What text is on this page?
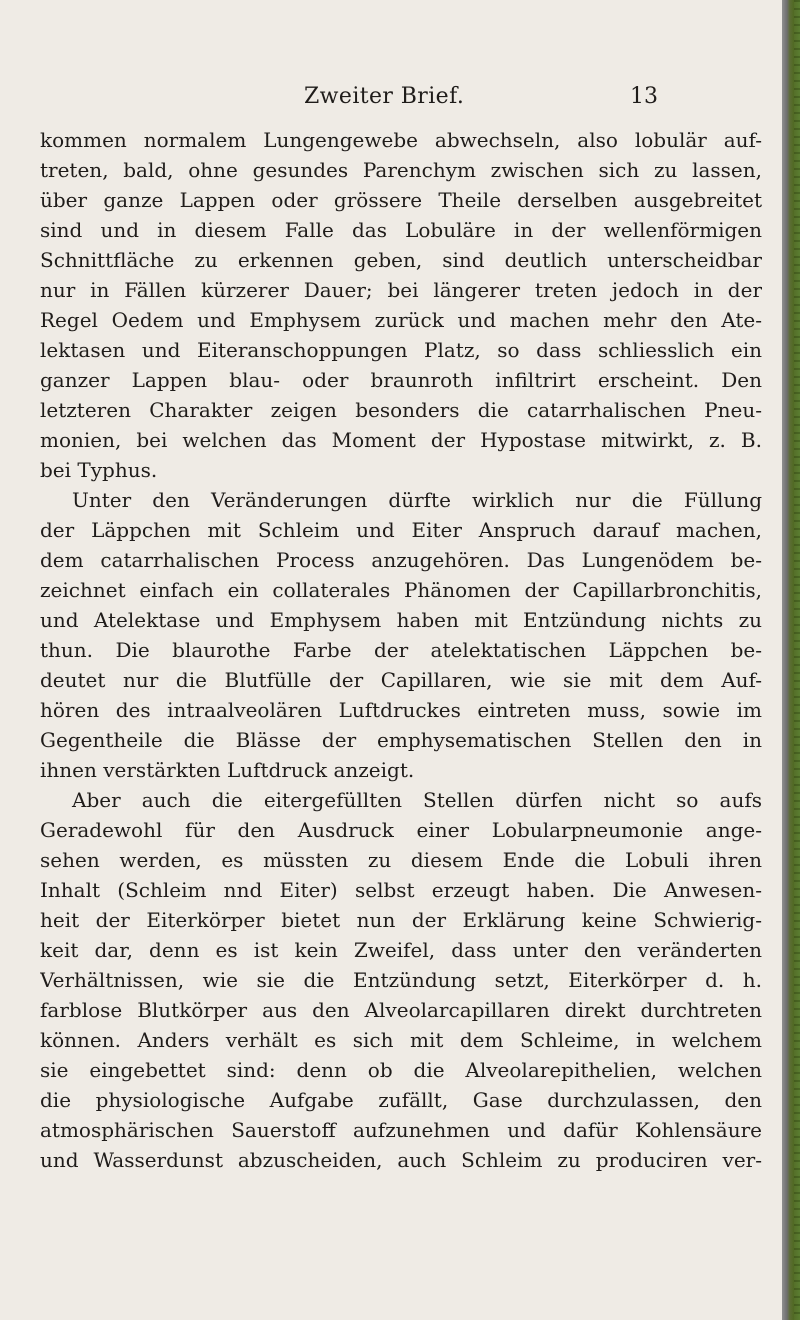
Zweiter Brief.	13
kommen normalem Lungengewebe abwechseln, also lobulär auf-
treten, bald, ohne gesundes Parenchym zwischen sich zu lassen,
über ganze Lappen oder grössere Theile derselben ausgebreitet
sind und in diesem Falle das Lobuläre in der wellenförmigen
Schnittfläche zu erkennen geben, sind deutlich unterscheidbar
nur in Fällen kürzerer Dauer; bei längerer treten jedoch in der
Regel Oedem und Emphysem zurück und machen mehr den Ate-
lektasen und Eiteranschoppungen Platz, so dass schliesslich ein
ganzer Lappen blau- oder braunroth infiltrirt erscheint. Den
letzteren Charakter zeigen besonders die catarrhalischen Pneu-
monien, bei welchen das Moment der Hypostase mitwirkt, z. B.
bei Typhus.
Unter den Veränderungen dürfte wirklich nur die Füllung
der Läppchen mit Schleim und Eiter Anspruch darauf machen,
dem catarrhalischen Process anzugehören. Das Lungenödem be-
zeichnet einfach ein collaterales Phänomen der Capillarbronchitis,
und Atelektase und Emphysem haben mit Entzündung nichts zu
thun. Die blaurothe Farbe der atelektatischen Läppchen be-
deutet nur die Blutfülle der Capillaren, wie sie mit dem Auf-
hören des intraalveolären Luftdruckes eintreten muss, sowie im
Gegentheile die Blässe der emphysematischen Stellen den in
ihnen verstärkten Luftdruck anzeigt.
Aber auch die eitergefüllten Stellen dürfen nicht so aufs
Geradewohl für den Ausdruck einer Lobularpneumonie ange-
sehen werden, es müssten zu diesem Ende die Lobuli ihren
Inhalt (Schleim nnd Eiter) selbst erzeugt haben. Die Anwesen-
heit der Eiterkörper bietet nun der Erklärung keine Schwierig-
keit dar, denn es ist kein Zweifel, dass unter den veränderten
Verhältnissen, wie sie die Entzündung setzt, Eiterkörper d. h.
farblose Blutkörper aus den Alveolarcapillaren direkt durchtreten
können. Anders verhält es sich mit dem Schleime, in welchem
sie eingebettet sind: denn ob die Alveolarepithelien, welchen
die physiologische Aufgabe zufällt, Gase durchzulassen, den
atmosphärischen Sauerstoff aufzunehmen und dafür Kohlensäure
und Wasserdunst abzuscheiden, auch Schleim zu produciren ver-
